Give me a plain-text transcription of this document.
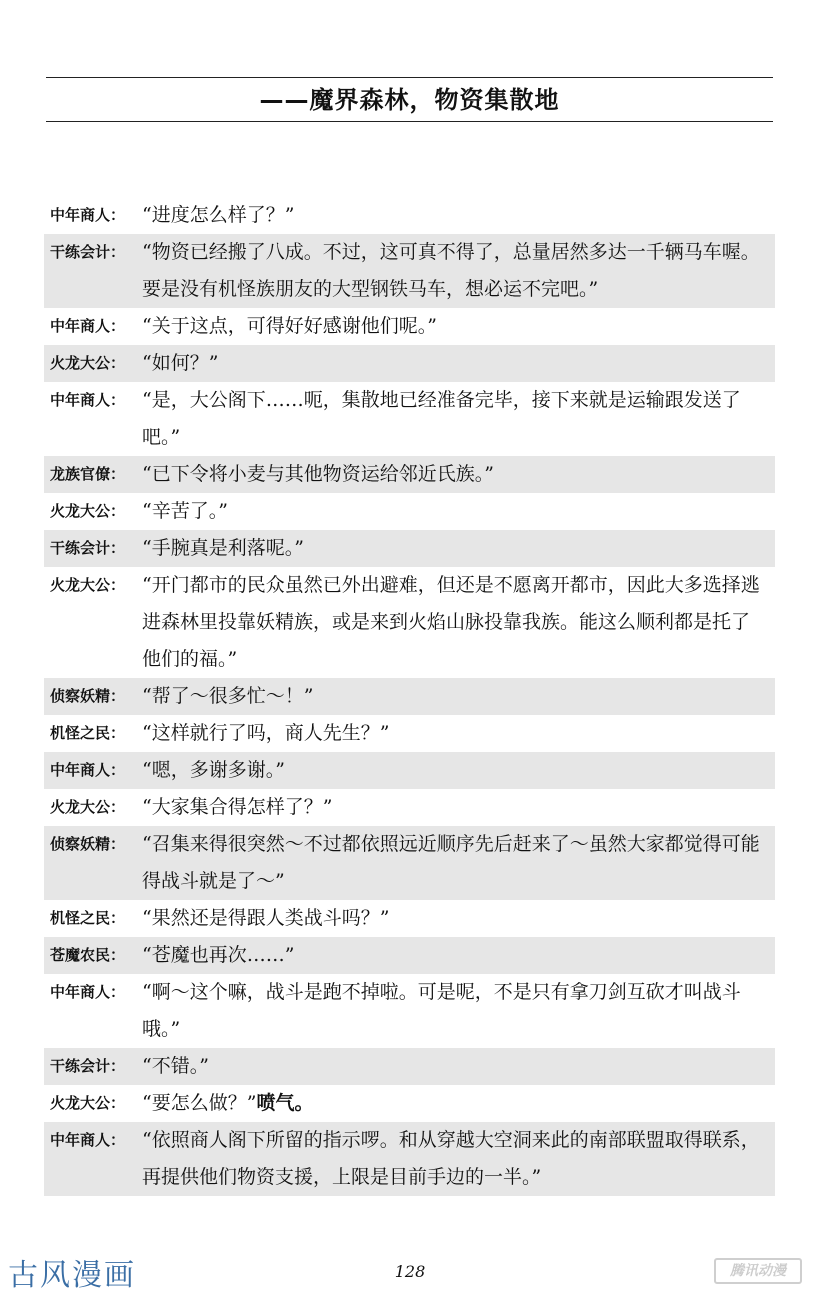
——魔界森林，物资集散地
中年商人： “进度怎么样了？”
干练会计： “物资已经搬了八成。不过，这可真不得了，总量居然多达一千辆马车喔。要是没有机怪族朋友的大型钢铁马车，想必运不完吧。”
中年商人： “关于这点，可得好好感谢他们呢。”
火龙大公： “如何？”
中年商人： “是，大公阁下……呃，集散地已经准备完毕，接下来就是运输跟发送了吧。”
龙族官僚： “已下令将小麦与其他物资运给邻近氏族。”
火龙大公： “辛苦了。”
干练会计： “手腕真是利落呢。”
火龙大公： “开门都市的民众虽然已外出避难，但还是不愿离开都市，因此大多选择逃进森林里投靠妖精族，或是来到火焰山脉投靠我族。能这么顺利都是托了他们的福。”
侦察妖精： “帮了～很多忙～！”
机怪之民： “这样就行了吗，商人先生？”
中年商人： “嗯，多谢多谢。”
火龙大公： “大家集合得怎样了？”
侦察妖精： “召集来得很突然～不过都依照远近顺序先后赶来了～虽然大家都觉得可能得战斗就是了～”
机怪之民： “果然还是得跟人类战斗吗？”
苍魔农民： “苍魔也再次……”
中年商人： “啊～这个嘛，战斗是跑不掉啦。可是呢，不是只有拿刀剑互砍才叫战斗哦。”
干练会计： “不错。”
火龙大公： “要怎么做？”喷气。
中年商人： “依照商人阁下所留的指示啰。和从穿越大空洞来此的南部联盟取得联系，再提供他们物资支援，上限是目前手边的一半。”
古风漫画	128	腾讯动漫
